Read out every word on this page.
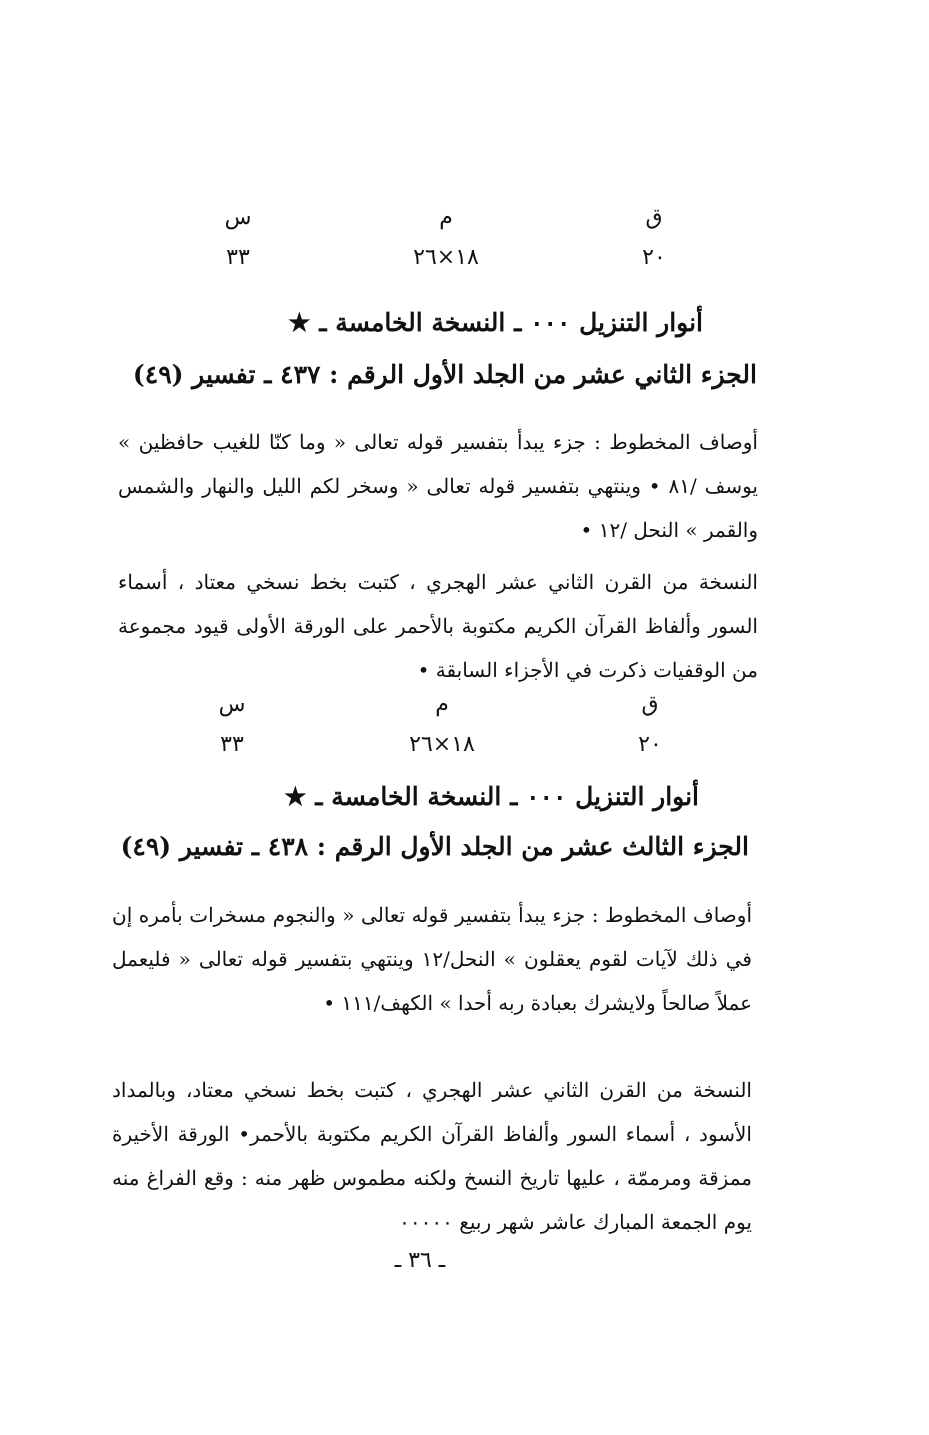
ق
٢٠
م
١٨×٢٦
س
٣٣
أنوار التنزيل ٠٠٠ ـ النسخة الخامسة ـ ★
الجزء الثاني عشر من الجلد الأول الرقم : ٤٣٧ ـ تفسير (٤٩)

أوصاف المخطوط : جزء يبدأ بتفسير قوله تعالى « وما كنّا للغيب حافظين » يوسف /٨١ • وينتهي بتفسير قوله تعالى « وسخر لكم الليل والنهار والشمس والقمر » النحل /١٢ •

النسخة من القرن الثاني عشر الهجري ، كتبت بخط نسخي معتاد ، أسماء السور وألفاظ القرآن الكريم مكتوبة بالأحمر على الورقة الأولى قيود مجموعة من الوقفيات ذكرت في الأجزاء السابقة •

ق
٢٠
م
١٨×٢٦
س
٣٣
أنوار التنزيل ٠٠٠ ـ النسخة الخامسة ـ ★
الجزء الثالث عشر من الجلد الأول الرقم : ٤٣٨ ـ تفسير (٤٩)

أوصاف المخطوط : جزء يبدأ بتفسير قوله تعالى « والنجوم مسخرات بأمره إن في ذلك لآيات لقوم يعقلون » النحل/١٢ وينتهي بتفسير قوله تعالى « فليعمل عملاً صالحاً ولايشرك بعبادة ربه أحدا » الكهف/١١١ •

النسخة من القرن الثاني عشر الهجري ، كتبت بخط نسخي معتاد، وبالمداد الأسود ، أسماء السور وألفاظ القرآن الكريم مكتوبة بالأحمر• الورقة الأخيرة ممزقة ومرممّة ، عليها تاريخ النسخ ولكنه مطموس ظهر منه : وقع الفراغ منه يوم الجمعة المبارك عاشر شهر ربيع ٠٠٠٠٠

ـ ٣٦ ـ
